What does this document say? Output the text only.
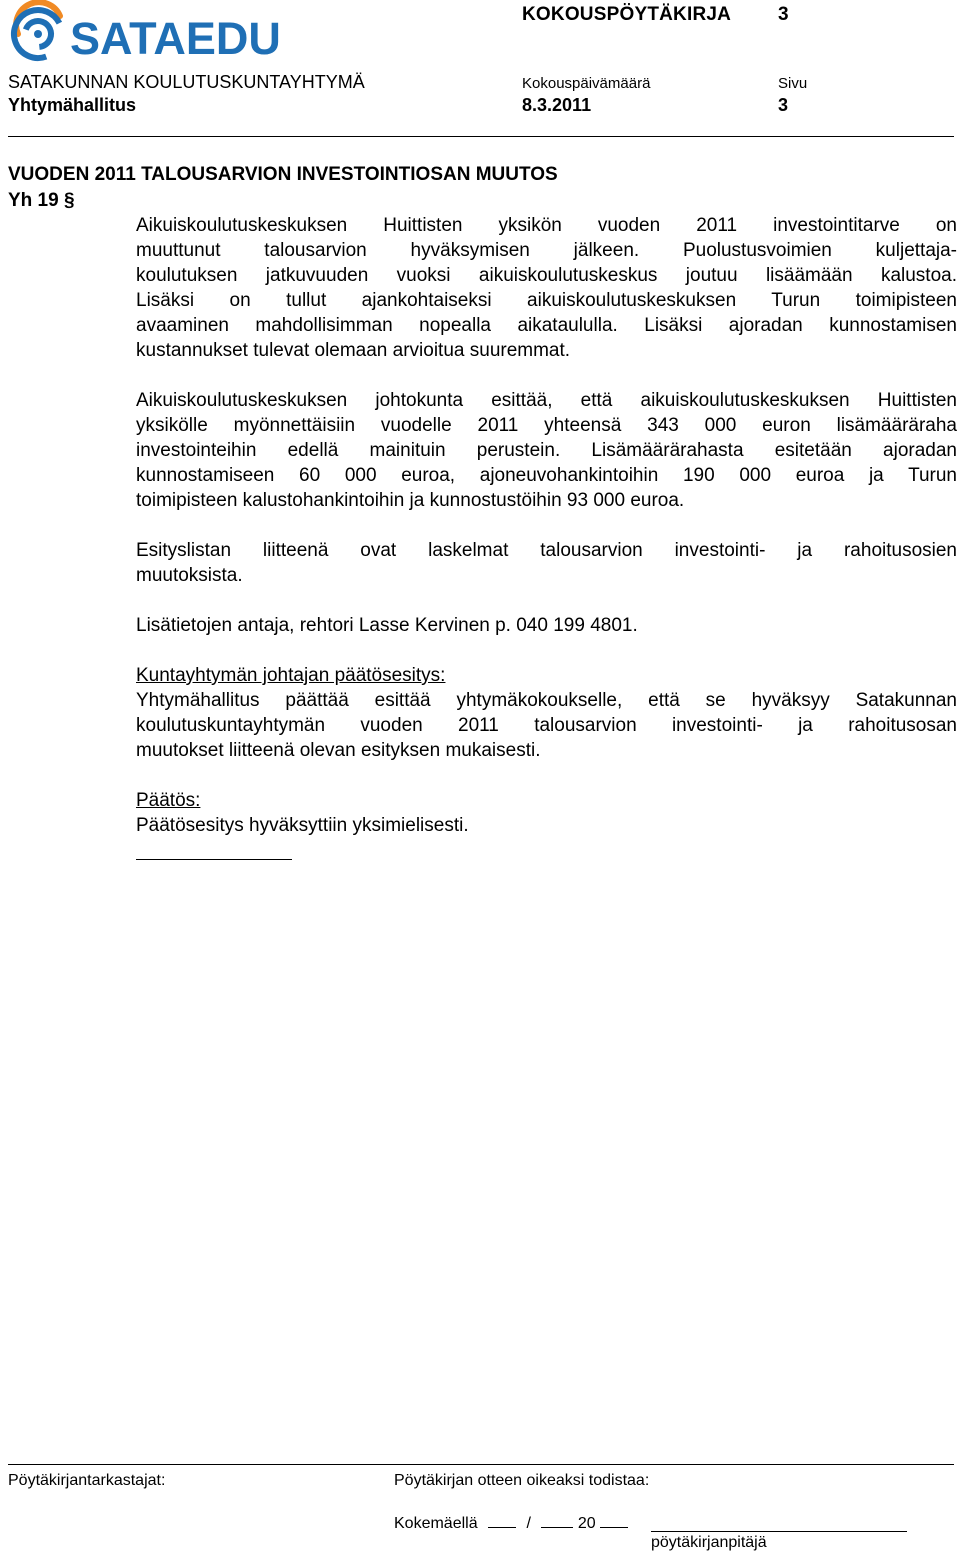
SATAEDU	KOKOUSPÖYTÄKIRJA 3
SATAKUNNAN KOULUTUSKUNTAYHTYMÄ	Kokouspäivämäärä	Sivu
Yhtymähallitus	8.3.2011	3
VUODEN 2011 TALOUSARVION INVESTOINTIOSAN MUUTOS
Yh 19 §
Aikuiskoulutuskeskuksen Huittisten yksikön vuoden 2011 investointitarve on
muuttunut talousarvion hyväksymisen jälkeen. Puolustusvoimien kuljettaja-
koulutuksen jatkuvuuden vuoksi aikuiskoulutuskeskus joutuu lisäämään kalustoa.
Lisäksi on tullut ajankohtaiseksi aikuiskoulutuskeskuksen Turun toimipisteen
avaaminen mahdollisimman nopealla aikataululla. Lisäksi ajoradan kunnostamisen
kustannukset tulevat olemaan arvioitua suuremmat.
Aikuiskoulutuskeskuksen johtokunta esittää, että aikuiskoulutuskeskuksen Huittisten
yksikölle myönnettäisiin vuodelle 2011 yhteensä 343 000 euron lisämääräraha
investointeihin edellä mainituin perustein. Lisämäärärahasta esitetään ajoradan
kunnostamiseen 60 000 euroa, ajoneuvohankintoihin 190 000 euroa ja Turun
toimipisteen kalustohankintoihin ja kunnostustöihin 93 000 euroa.
Esityslistan liitteenä ovat laskelmat talousarvion investointi- ja rahoitusosien
muutoksista.
Lisätietojen antaja, rehtori Lasse Kervinen p. 040 199 4801.
Kuntayhtymän johtajan päätösesitys:
Yhtymähallitus päättää esittää yhtymäkokoukselle, että se hyväksyy Satakunnan
koulutuskuntayhtymän vuoden 2011 talousarvion investointi- ja rahoitusosan
muutokset liitteenä olevan esityksen mukaisesti.
Päätös:
Päätösesitys hyväksyttiin yksimielisesti.
Pöytäkirjantarkastajat:	Pöytäkirjan otteen oikeaksi todistaa:
Kokemäellä	/	20
pöytäkirjanpitäjä
